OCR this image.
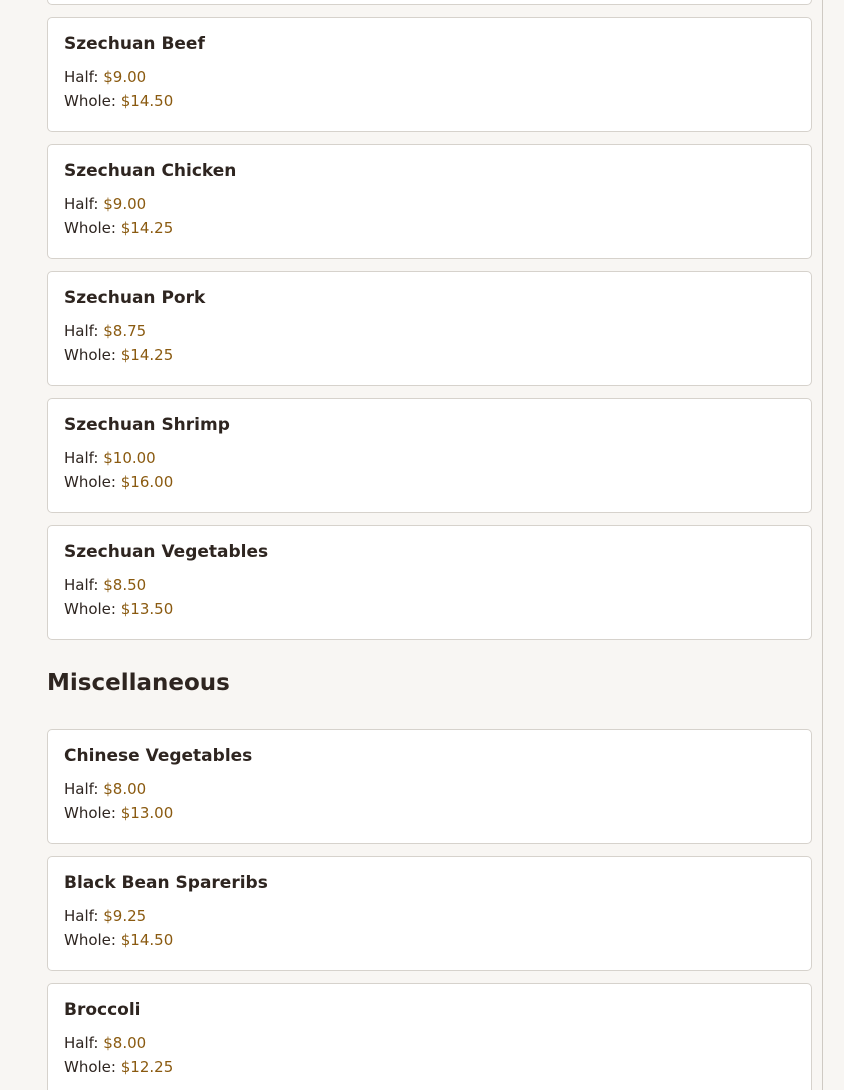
Szechuan Beef
Half: $9.00
Whole: $14.50
Szechuan Chicken
Half: $9.00
Whole: $14.25
Szechuan Pork
Half: $8.75
Whole: $14.25
Szechuan Shrimp
Half: $10.00
Whole: $16.00
Szechuan Vegetables
Half: $8.50
Whole: $13.50
Miscellaneous
Chinese Vegetables
Half: $8.00
Whole: $13.00
Black Bean Spareribs
Half: $9.25
Whole: $14.50
Broccoli
Half: $8.00
Whole: $12.25
